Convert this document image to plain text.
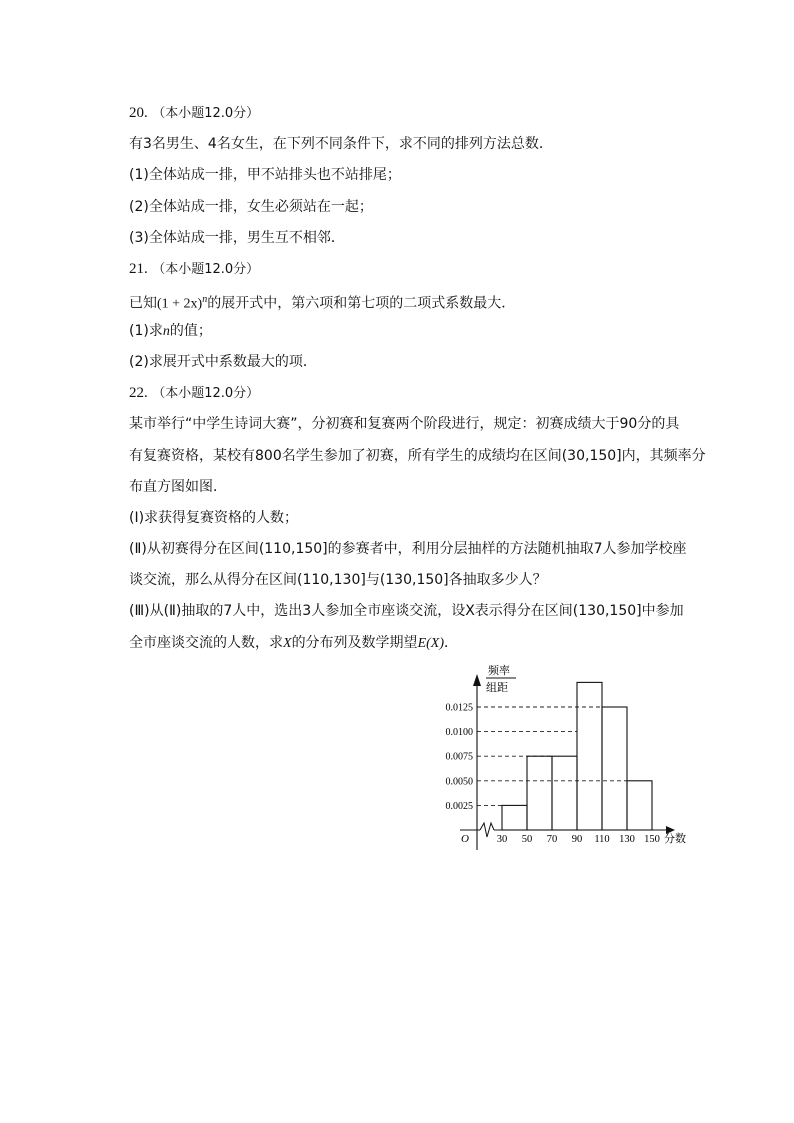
20. （本小题12.0分）
有3名男生、4名女生，在下列不同条件下，求不同的排列方法总数．
(1)全体站成一排，甲不站排头也不站排尾；
(2)全体站成一排，女生必须站在一起；
(3)全体站成一排，男生互不相邻．
21. （本小题12.0分）
已知$(1 + 2x)^n$的展开式中，第六项和第七项的二项式系数最大．
(1)求n的值；
(2)求展开式中系数最大的项．
22. （本小题12.0分）
某市举行“中学生诗词大赛”，分初赛和复赛两个阶段进行，规定：初赛成绩大于90分的具
有复赛资格，某校有800名学生参加了初赛，所有学生的成绩均在区间(30,150]内，其频率分
布直方图如图．
(Ⅰ)求获得复赛资格的人数；
(Ⅱ)从初赛得分在区间(110,150]的参赛者中，利用分层抽样的方法随机抽取7人参加学校座
谈交流，那么从得分在区间(110,130]与(130,150]各抽取多少人？
(Ⅲ)从(Ⅱ)抽取的7人中，选出3人参加全市座谈交流，设X表示得分在区间(130,150]中参加
全市座谈交流的人数，求X的分布列及数学期望E(X)．
0.0025
0.0050
0.0075
0.0100
0.0125
30 50 70 90 110 130 150
O	分数
频率
组距
